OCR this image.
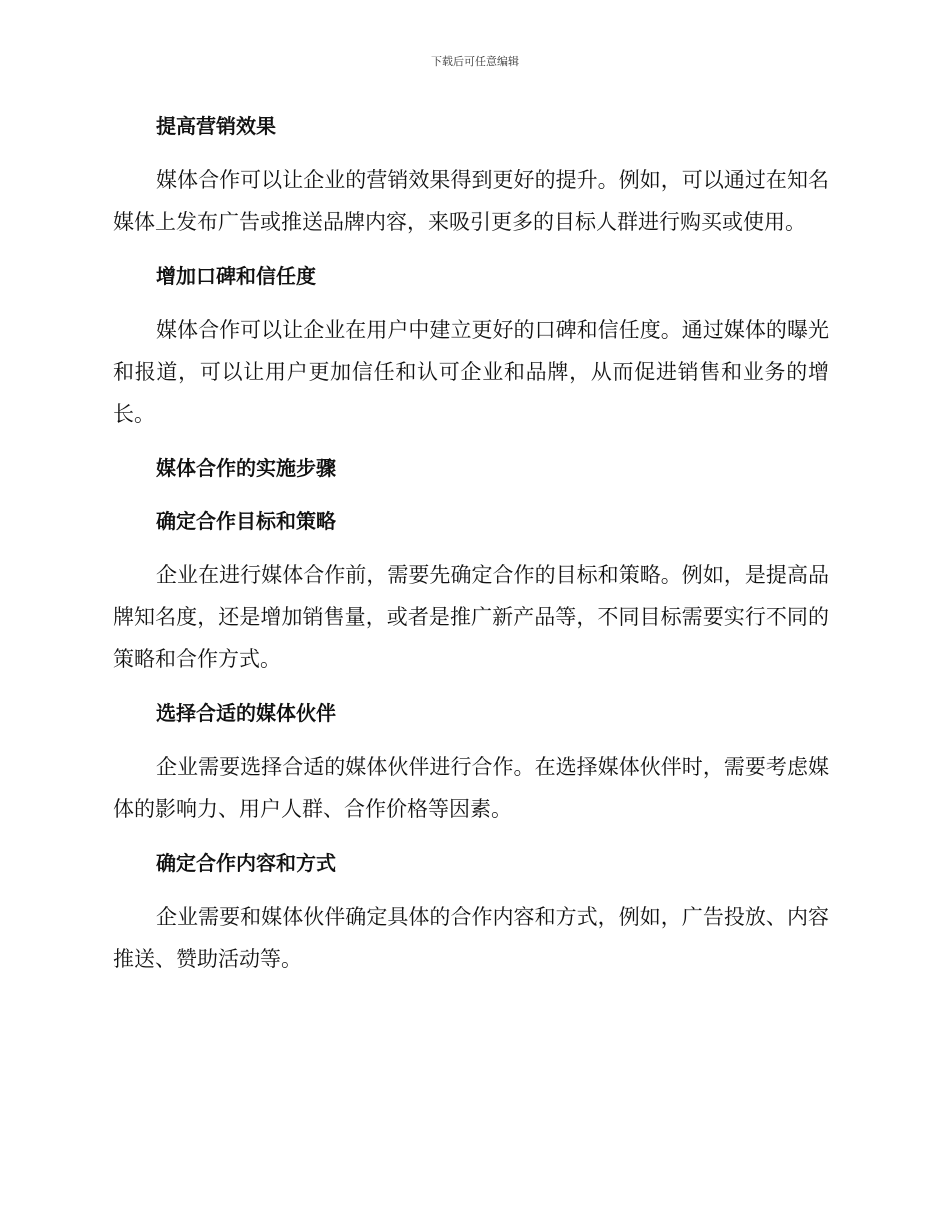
下载后可任意编辑
提高营销效果

媒体合作可以让企业的营销效果得到更好的提升。例如，可以通过在知名媒体上发布广告或推送品牌内容，来吸引更多的目标人群进行购买或使用。

增加口碑和信任度

媒体合作可以让企业在用户中建立更好的口碑和信任度。通过媒体的曝光和报道，可以让用户更加信任和认可企业和品牌，从而促进销售和业务的增长。

媒体合作的实施步骤
确定合作目标和策略

企业在进行媒体合作前，需要先确定合作的目标和策略。例如，是提高品牌知名度，还是增加销售量，或者是推广新产品等，不同目标需要实行不同的策略和合作方式。

选择合适的媒体伙伴

企业需要选择合适的媒体伙伴进行合作。在选择媒体伙伴时，需要考虑媒体的影响力、用户人群、合作价格等因素。

确定合作内容和方式

企业需要和媒体伙伴确定具体的合作内容和方式，例如，广告投放、内容推送、赞助活动等。
